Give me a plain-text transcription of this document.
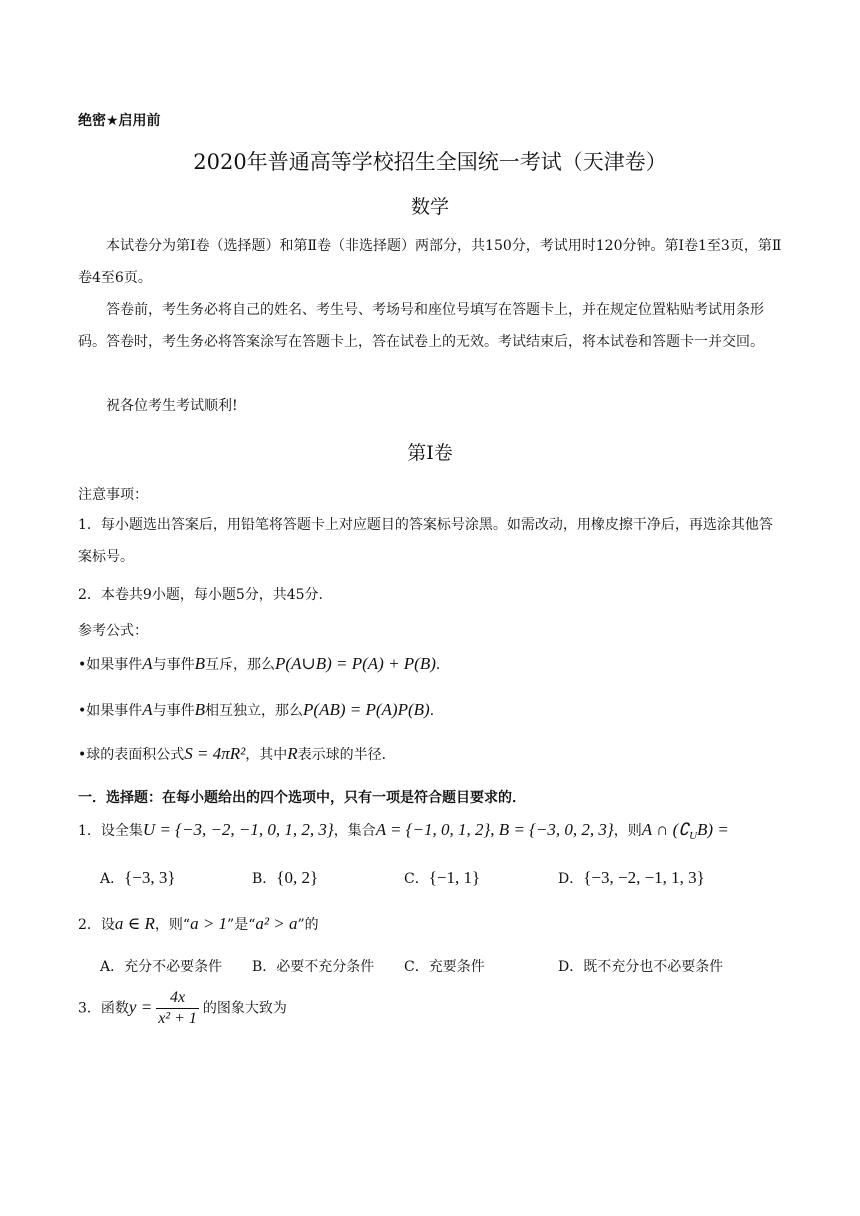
绝密★启用前
2020年普通高等学校招生全国统一考试（天津卷）
数学
本试卷分为第Ⅰ卷（选择题）和第Ⅱ卷（非选择题）两部分，共150分，考试用时120分钟。第Ⅰ卷1至3页，第Ⅱ卷4至6页。
答卷前，考生务必将自己的姓名、考生号、考场号和座位号填写在答题卡上，并在规定位置粘贴考试用条形码。答卷时，考生务必将答案涂写在答题卡上，答在试卷上的无效。考试结束后，将本试卷和答题卡一并交回。
祝各位考生考试顺利!
第Ⅰ卷
注意事项：
1．每小题选出答案后，用铅笔将答题卡上对应题目的答案标号涂黑。如需改动，用橡皮擦干净后，再选涂其他答案标号。
2．本卷共9小题，每小题5分，共45分．
参考公式：
•如果事件A与事件B互斥，那么P(A∪B) = P(A) + P(B)．
•如果事件A与事件B相互独立，那么P(AB) = P(A)P(B)．
•球的表面积公式S = 4πR²，其中R表示球的半径．
一．选择题：在每小题给出的四个选项中，只有一项是符合题目要求的．
1．设全集U = {−3, −2, −1, 0, 1, 2, 3}，集合A = {−1, 0, 1, 2}, B = {−3, 0, 2, 3}，则A ∩ $(∁_UB)$ =
A．{−3, 3}	B．{0, 2}	C．{−1, 1}	D．{−3, −2, −1, 1, 3}
2．设a ∈ R，则“a > 1”是“a² > a”的
A．充分不必要条件 B．必要不充分条件 C．充要条件	D．既不充分也不必要条件
3．函数$y = \frac{4x}{\text{x² + 1}}$ 的图象大致为
